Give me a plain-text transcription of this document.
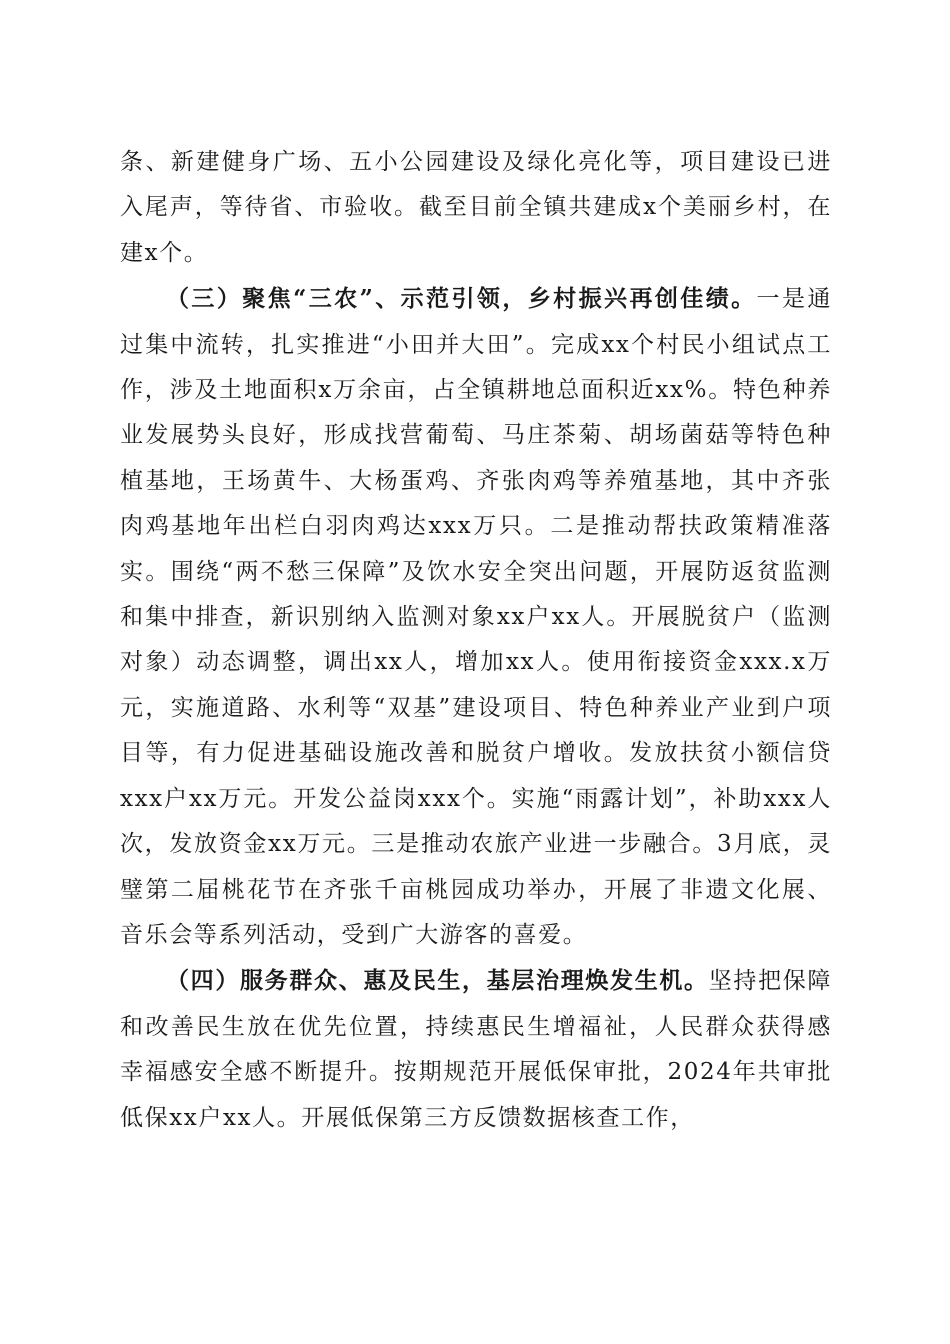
条、新建健身广场、五小公园建设及绿化亮化等，项目建设已进入尾声，等待省、市验收。截至目前全镇共建成x个美丽乡村，在建x个。

（三）聚焦“三农”、示范引领，乡村振兴再创佳绩。一是通过集中流转，扎实推进“小田并大田”。完成xx个村民小组试点工作，涉及土地面积x万余亩，占全镇耕地总面积近xx%。特色种养业发展势头良好，形成找营葡萄、马庄茶菊、胡场菌菇等特色种植基地，王场黄牛、大杨蛋鸡、齐张肉鸡等养殖基地，其中齐张肉鸡基地年出栏白羽肉鸡达xxx万只。二是推动帮扶政策精准落实。围绕“两不愁三保障”及饮水安全突出问题，开展防返贫监测和集中排查，新识别纳入监测对象xx户xx人。开展脱贫户（监测对象）动态调整，调出xx人，增加xx人。使用衔接资金xxx.x万元，实施道路、水利等“双基”建设项目、特色种养业产业到户项目等，有力促进基础设施改善和脱贫户增收。发放扶贫小额信贷xxx户xx万元。开发公益岗xxx个。实施“雨露计划”，补助xxx人次，发放资金xx万元。三是推动农旅产业进一步融合。3月底，灵璧第二届桃花节在齐张千亩桃园成功举办，开展了非遗文化展、音乐会等系列活动，受到广大游客的喜爱。

（四）服务群众、惠及民生，基层治理焕发生机。坚持把保障和改善民生放在优先位置，持续惠民生增福祉，人民群众获得感幸福感安全感不断提升。按期规范开展低保审批，2024年共审批低保xx户xx人。开展低保第三方反馈数据核查工作，
